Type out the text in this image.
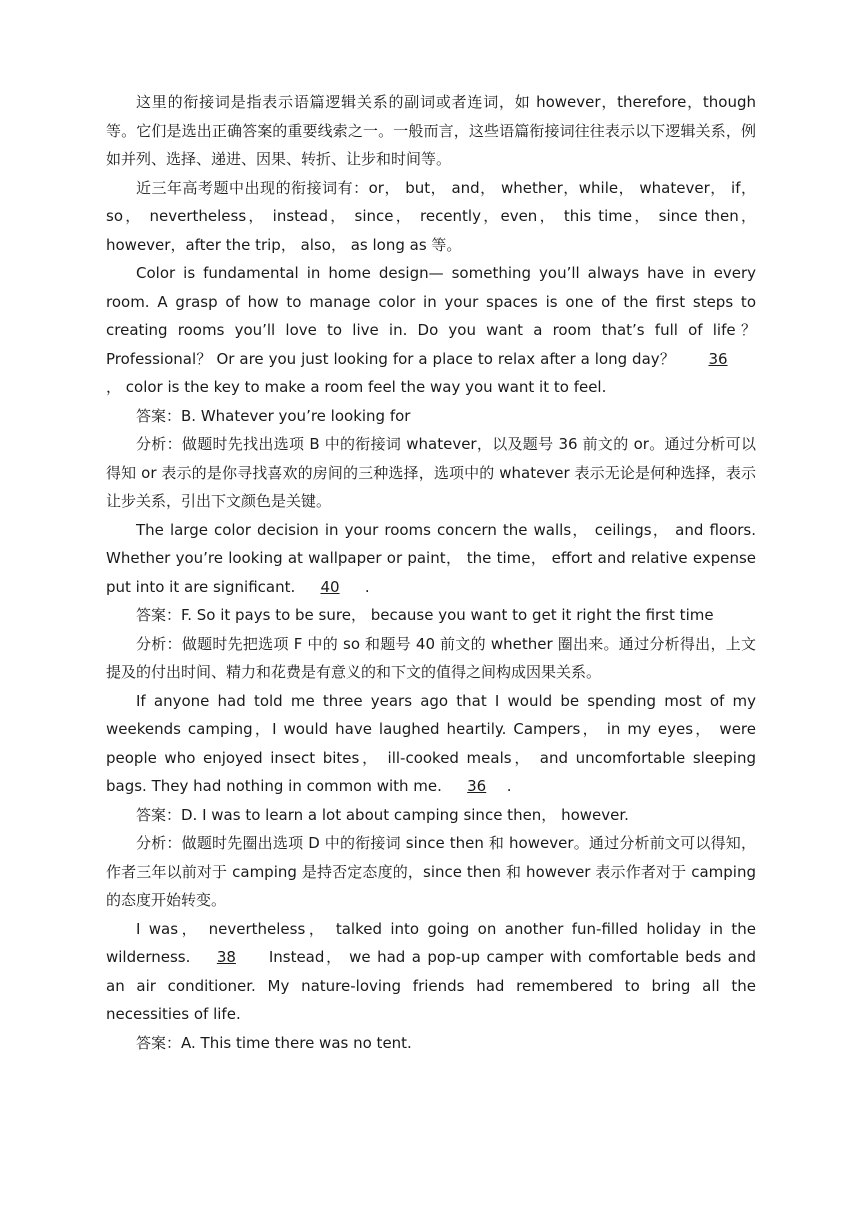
这里的衔接词是指表示语篇逻辑关系的副词或者连词，如 however，therefore，though 等。它们是选出正确答案的重要线索之一。一般而言，这些语篇衔接词往往表示以下逻辑关系，例如并列、选择、递进、因果、转折、让步和时间等。

近三年高考题中出现的衔接词有：or， but， and， whether，while， whatever， if，so， nevertheless， instead， since， recently，even， this time， since then， however，after the trip， also， as long as 等。

Color is fundamental in home design— something you’ll always have in every room. A grasp of how to manage color in your spaces is one of the first steps to creating rooms you’ll love to live in. Do you want a room that’s full of life？ Professional？ Or are you just looking for a place to relax after a long day？ 36， color is the key to make a room feel the way you want it to feel.

答案：B. Whatever you’re looking for

分析：做题时先找出选项 B 中的衔接词 whatever，以及题号 36 前文的 or。通过分析可以得知 or 表示的是你寻找喜欢的房间的三种选择，选项中的 whatever 表示无论是何种选择，表示让步关系，引出下文颜色是关键。

The large color decision in your rooms concern the walls， ceilings， and floors. Whether you’re looking at wallpaper or paint， the time， effort and relative expense put into it are significant. 40 .

答案：F. So it pays to be sure， because you want to get it right the first time

分析：做题时先把选项 F 中的 so 和题号 40 前文的 whether 圈出来。通过分析得出，上文提及的付出时间、精力和花费是有意义的和下文的值得之间构成因果关系。

If anyone had told me three years ago that I would be spending most of my weekends camping，I would have laughed heartily. Campers， in my eyes， were people who enjoyed insect bites， ill-cooked meals， and uncomfortable sleeping bags. They had nothing in common with me. 36 .

答案：D. I was to learn a lot about camping since then， however.

分析：做题时先圈出选项 D 中的衔接词 since then 和 however。通过分析前文可以得知，作者三年以前对于 camping 是持否定态度的，since then 和 however 表示作者对于 camping 的态度开始转变。

I was， nevertheless， talked into going on another fun-filled holiday in the wilderness. 38 Instead， we had a pop-up camper with comfortable beds and an air conditioner. My nature-loving friends had remembered to bring all the necessities of life.

答案：A. This time there was no tent.
